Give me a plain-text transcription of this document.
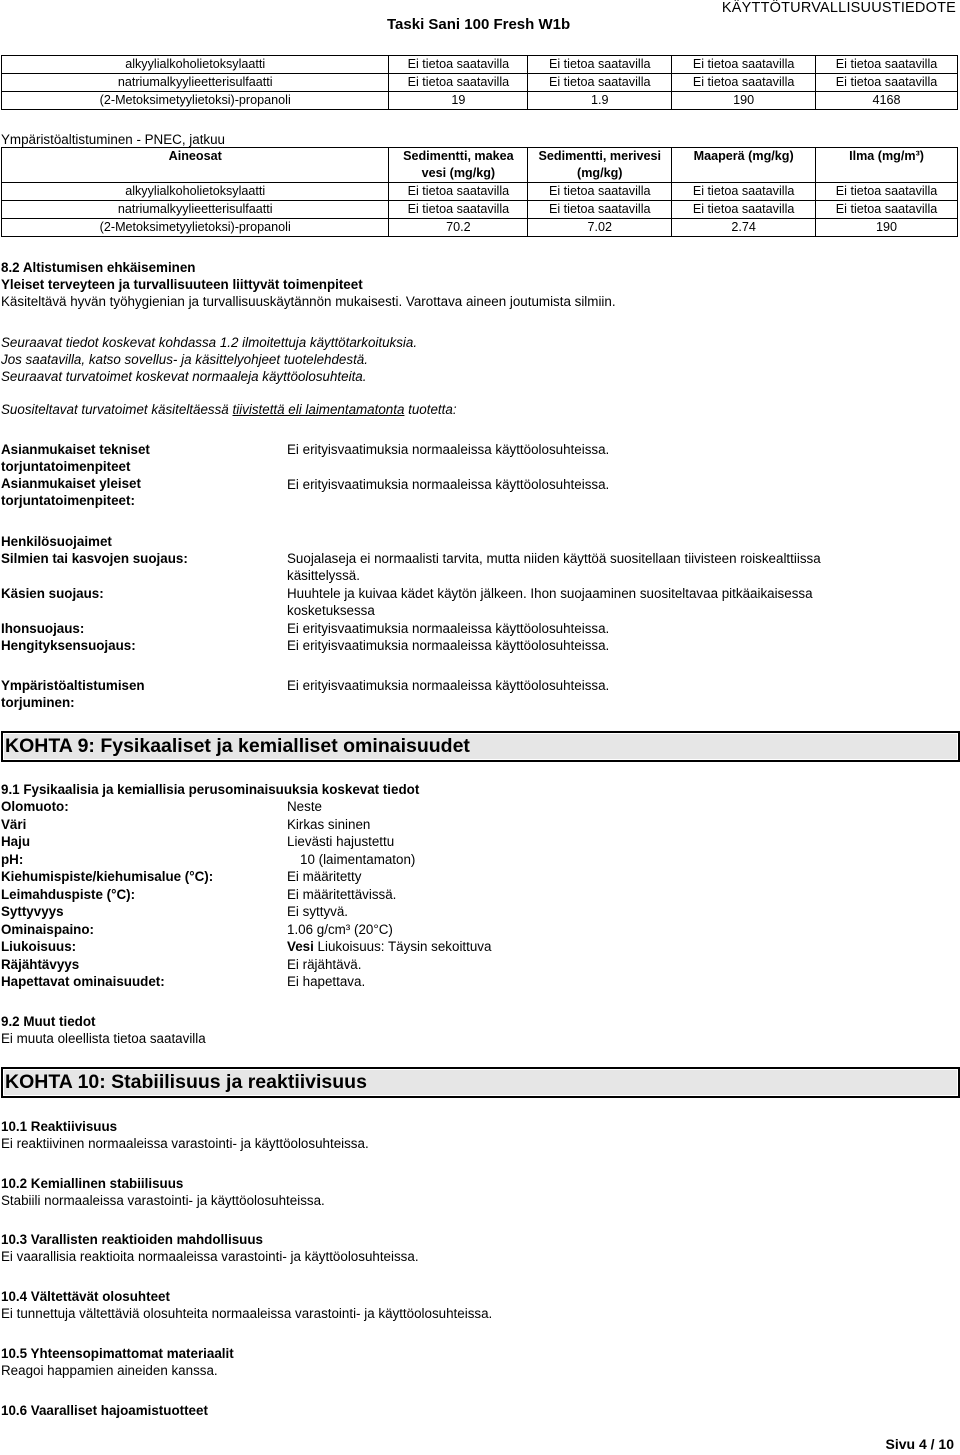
Taski Sani 100 Fresh W1b
KÄYTTÖTURVALLISUUSTIEDOTE
alkyylialkoholietoksylaatti	Ei tietoa saatavilla	Ei tietoa saatavilla	Ei tietoa saatavilla	Ei tietoa saatavilla
natriumalkyylieetterisulfaatti	Ei tietoa saatavilla	Ei tietoa saatavilla	Ei tietoa saatavilla	Ei tietoa saatavilla
(2-Metoksimetyylietoksi)-propanoli	19	1.9	190	4168
Ympäristöaltistuminen - PNEC, jatkuu
Aineosat	Sedimentti, makea vesi (mg/kg)	Sedimentti, merivesi (mg/kg)	Maaperä (mg/kg)	Ilma (mg/m³)
alkyylialkoholietoksylaatti	Ei tietoa saatavilla	Ei tietoa saatavilla	Ei tietoa saatavilla	Ei tietoa saatavilla
natriumalkyylieetterisulfaatti	Ei tietoa saatavilla	Ei tietoa saatavilla	Ei tietoa saatavilla	Ei tietoa saatavilla
(2-Metoksimetyylietoksi)-propanoli	70.2	7.02	2.74	190
8.2 Altistumisen ehkäiseminen
Yleiset terveyteen ja turvallisuuteen liittyvät toimenpiteet
Käsiteltävä hyvän työhygienian ja turvallisuuskäytännön mukaisesti. Varottava aineen joutumista silmiin.
Seuraavat tiedot koskevat kohdassa 1.2 ilmoitettuja käyttötarkoituksia.
Jos saatavilla, katso sovellus- ja käsittelyohjeet tuotelehdestä.
Seuraavat turvatoimet koskevat normaaleja käyttöolosuhteita.
Suositeltavat turvatoimet käsiteltäessä tiivistettä eli laimentamatonta tuotetta:
Asianmukaiset tekniset
torjuntatoimenpiteet
Ei erityisvaatimuksia normaaleissa käyttöolosuhteissa.
Asianmukaiset yleiset
torjuntatoimenpiteet:
Ei erityisvaatimuksia normaaleissa käyttöolosuhteissa.
Henkilösuojaimet
Silmien tai kasvojen suojaus:	Suojalaseja ei normaalisti tarvita, mutta niiden käyttöä suositellaan tiivisteen roiskealttiissa
käsittelyssä.
Käsien suojaus:	Huuhtele ja kuivaa kädet käytön jälkeen. Ihon suojaaminen suositeltavaa pitkäaikaisessa
kosketuksessa
Ihonsuojaus:	Ei erityisvaatimuksia normaaleissa käyttöolosuhteissa.
Hengityksensuojaus:	Ei erityisvaatimuksia normaaleissa käyttöolosuhteissa.
Ympäristöaltistumisen
torjuminen:
Ei erityisvaatimuksia normaaleissa käyttöolosuhteissa.
KOHTA 9: Fysikaaliset ja kemialliset ominaisuudet
9.1 Fysikaalisia ja kemiallisia perusominaisuuksia koskevat tiedot
Olomuoto:	Neste
Väri	Kirkas sininen
Haju	Lievästi hajustettu
pH:	10 (laimentamaton)
Kiehumispiste/kiehumisalue (°C):	Ei määritetty
Leimahduspiste (°C):	Ei määritettävissä.
Syttyvyys	Ei syttyvä.
Ominaispaino:	1.06 g/cm³ (20°C)
Liukoisuus:	Vesi Liukoisuus: Täysin sekoittuva
Räjähtävyys	Ei räjähtävä.
Hapettavat ominaisuudet:	Ei hapettava.
9.2 Muut tiedot
Ei muuta oleellista tietoa saatavilla
KOHTA 10: Stabiilisuus ja reaktiivisuus
10.1 Reaktiivisuus
Ei reaktiivinen normaaleissa varastointi- ja käyttöolosuhteissa.
10.2 Kemiallinen stabiilisuus
Stabiili normaaleissa varastointi- ja käyttöolosuhteissa.
10.3 Varallisten reaktioiden mahdollisuus
Ei vaarallisia reaktioita normaaleissa varastointi- ja käyttöolosuhteissa.
10.4 Vältettävät olosuhteet
Ei tunnettuja vältettäviä olosuhteita normaaleissa varastointi- ja käyttöolosuhteissa.
10.5 Yhteensopimattomat materiaalit
Reagoi happamien aineiden kanssa.
10.6 Vaaralliset hajoamistuotteet
Sivu 4 / 10
